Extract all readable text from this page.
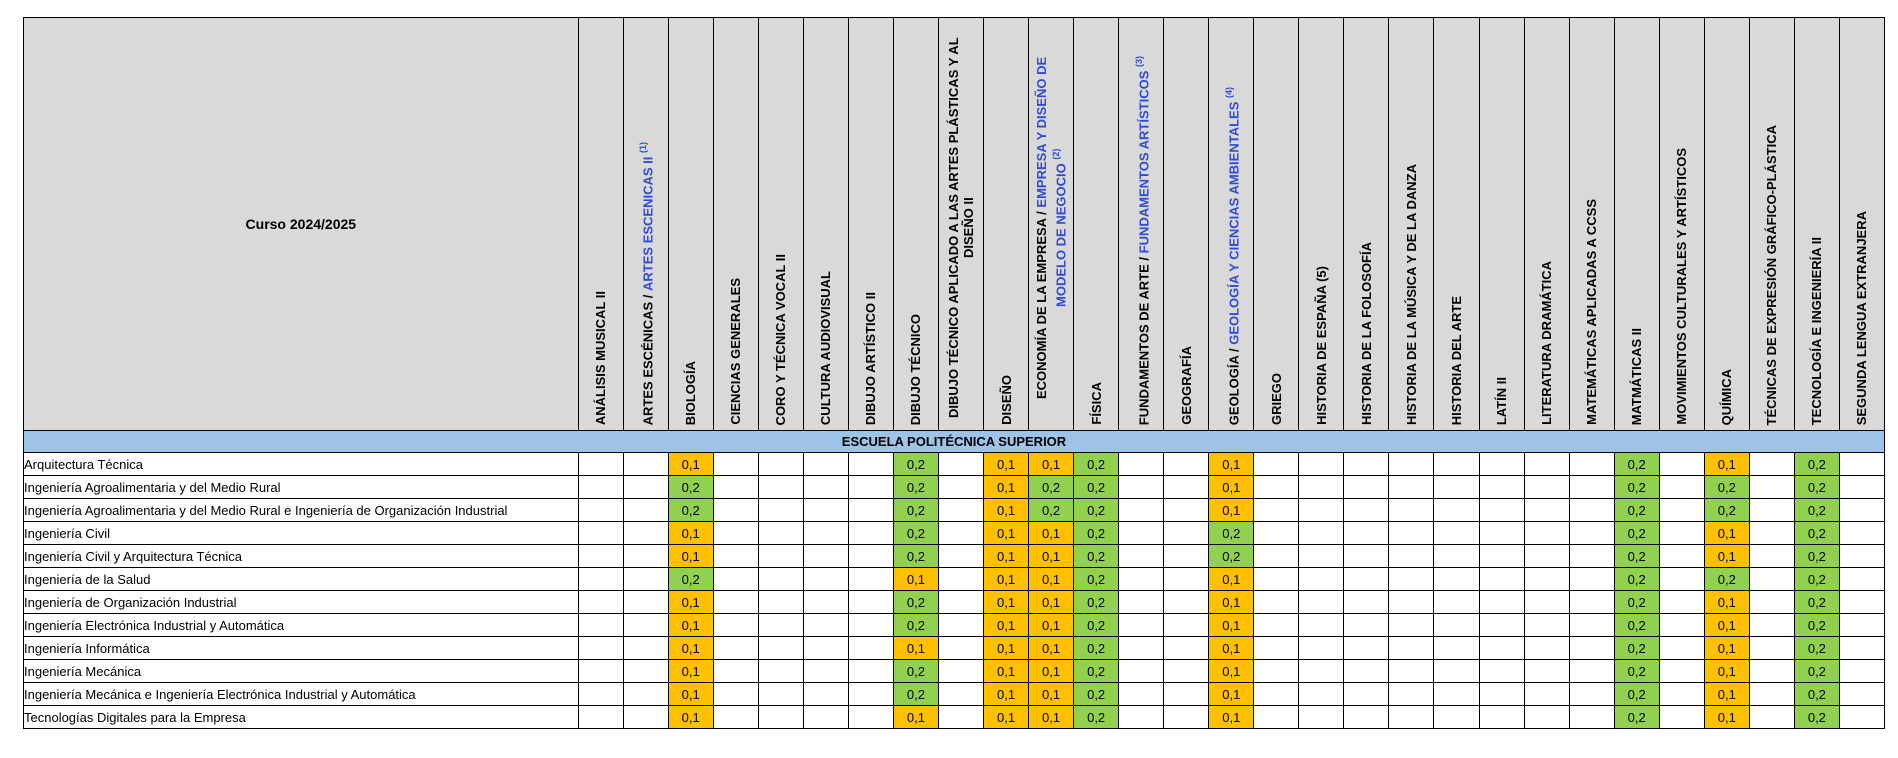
Curso 2024/2025	ANÁLISIS MUSICAL II	ARTES ESCÉNICAS / ARTES ESCENICAS II $^{(1)}$	BIOLOGÍA	CIENCIAS GENERALES	CORO Y TÉCNICA VOCAL II	CULTURA AUDIOVISUAL	DIBUJO ARTÍSTICO II	DIBUJO TÉCNICO	DIBUJO TÉCNICO APLICADO A LAS ARTES PLÁSTICAS Y AL DISEÑO II	DISEÑO	ECONOMÍA DE LA EMPRESA / EMPRESA Y DISEÑO DE MODELO DE NEGOCIO $^{(2)}$	FÍSICA	FUNDAMENTOS DE ARTE / FUNDAMENTOS ARTÍSTICOS $^{(3)}$	GEOGRAFÍA	GEOLOGÍA / GEOLOGÍA Y CIENCIAS AMBIENTALES $^{(4)}$	GRIEGO	HISTORIA DE ESPAÑA (5)	HISTORIA DE LA FOLOSOFÍA	HISTORIA DE LA MÚSICA Y DE LA DANZA	HISTORIA DEL ARTE	LATÍN II	LITERATURA DRAMÁTICA	MATEMÁTICAS APLICADAS A CCSS	MATMÁTICAS II	MOVIMIENTOS CULTURALES Y ARTÍSTICOS	QUÍMICA	TÉCNICAS DE EXPRESIÓN GRÁFICO-PLÁSTICA	TECNOLOGÍA E INGENIERÍA II	SEGUNDA LENGUA EXTRANJERA
ESCUELA POLITÉCNICA SUPERIOR																													
Arquitectura Técnica			0,1					0,2		0,1	0,1	0,2			0,1									0,2		0,1		0,2	
Ingeniería Agroalimentaria y del Medio Rural			0,2					0,2		0,1	0,2	0,2			0,1									0,2		0,2		0,2	
Ingeniería Agroalimentaria y del Medio Rural e Ingeniería de Organización Industrial			0,2					0,2		0,1	0,2	0,2			0,1									0,2		0,2		0,2	
Ingeniería Civil			0,1					0,2		0,1	0,1	0,2			0,2									0,2		0,1		0,2	
Ingeniería Civil y Arquitectura Técnica			0,1					0,2		0,1	0,1	0,2			0,2									0,2		0,1		0,2	
Ingeniería de la Salud			0,2					0,1		0,1	0,1	0,2			0,1									0,2		0,2		0,2	
Ingeniería de Organización Industrial			0,1					0,2		0,1	0,1	0,2			0,1									0,2		0,1		0,2	
Ingeniería Electrónica Industrial y Automática			0,1					0,2		0,1	0,1	0,2			0,1									0,2		0,1		0,2	
Ingeniería Informática			0,1					0,1		0,1	0,1	0,2			0,1									0,2		0,1		0,2	
Ingeniería Mecánica			0,1					0,2		0,1	0,1	0,2			0,1									0,2		0,1		0,2	
Ingeniería Mecánica e Ingeniería Electrónica Industrial y Automática			0,1					0,2		0,1	0,1	0,2			0,1									0,2		0,1		0,2	
Tecnologías Digitales para la Empresa			0,1					0,1		0,1	0,1	0,2			0,1									0,2		0,1		0,2	
